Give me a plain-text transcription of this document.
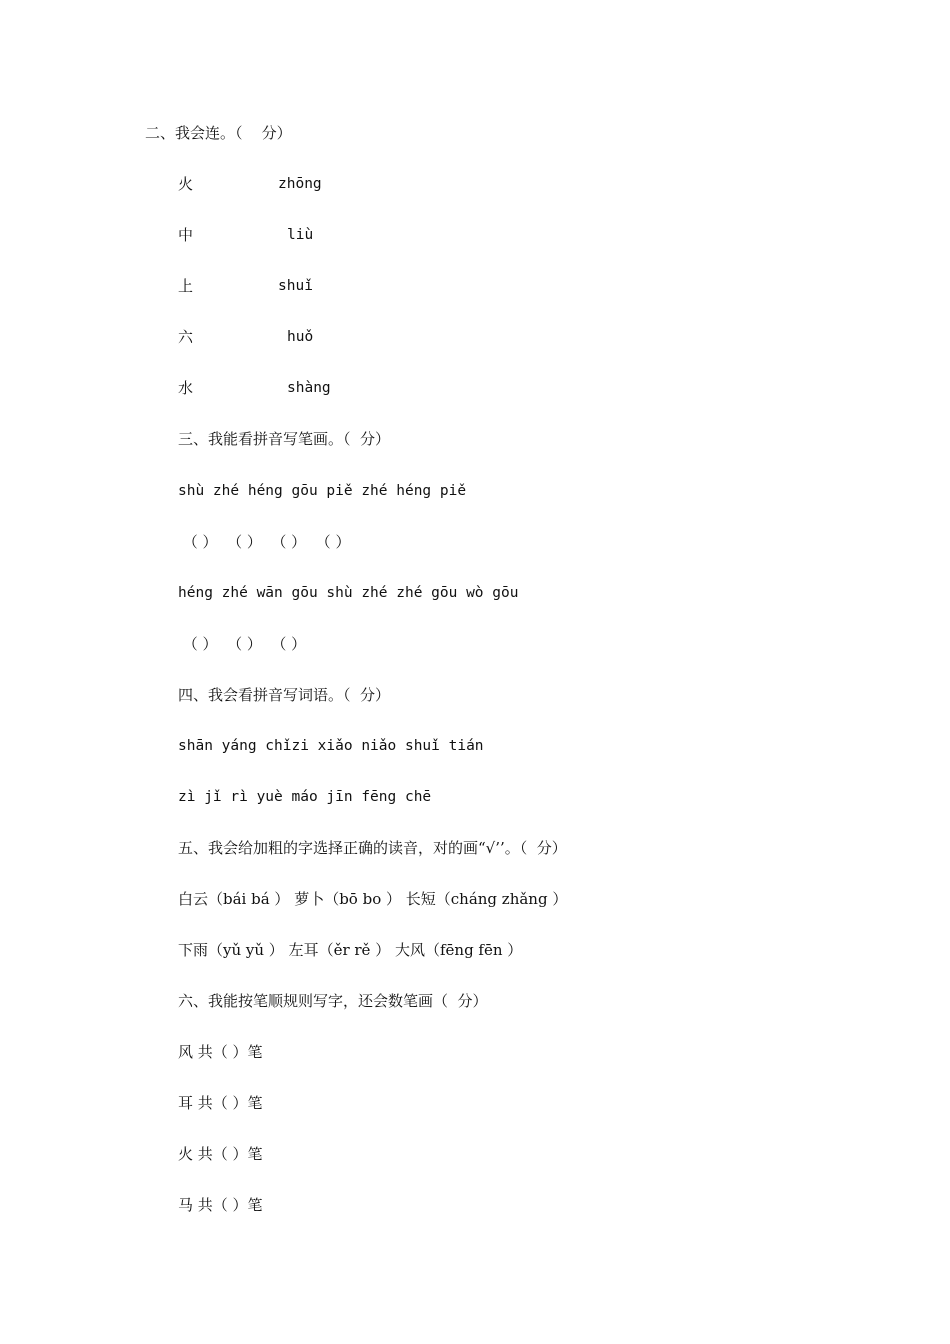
二、我会连。（    分）
火	zhōng
中	liù
上	shuǐ
六	huǒ
水	shàng
三、我能看拼音写笔画。（  分）
shù zhé héng gōu piě zhé héng piě
（ ）  （ ）  （ ）  （ ）
héng zhé wān gōu shù zhé zhé gōu wò gōu
（ ）  （ ）  （ ）
四、我会看拼音写词语。（  分）
shān yáng chǐzi xiǎo niǎo shuǐ tián
zì jǐ rì yuè máo jīn fēng chē
五、我会给加粗的字选择正确的读音，对的画“√’’。（  分）
白云（bái bá ） 萝卜（bō bo ） 长短（cháng zhǎng ）
下雨（yǔ yǔ ） 左耳（ěr rě ） 大风（fēng fēn ）
六、我能按笔顺规则写字，还会数笔画（  分）
风 共（ ）笔
耳 共（ ）笔
火 共（ ）笔
马 共（ ）笔
